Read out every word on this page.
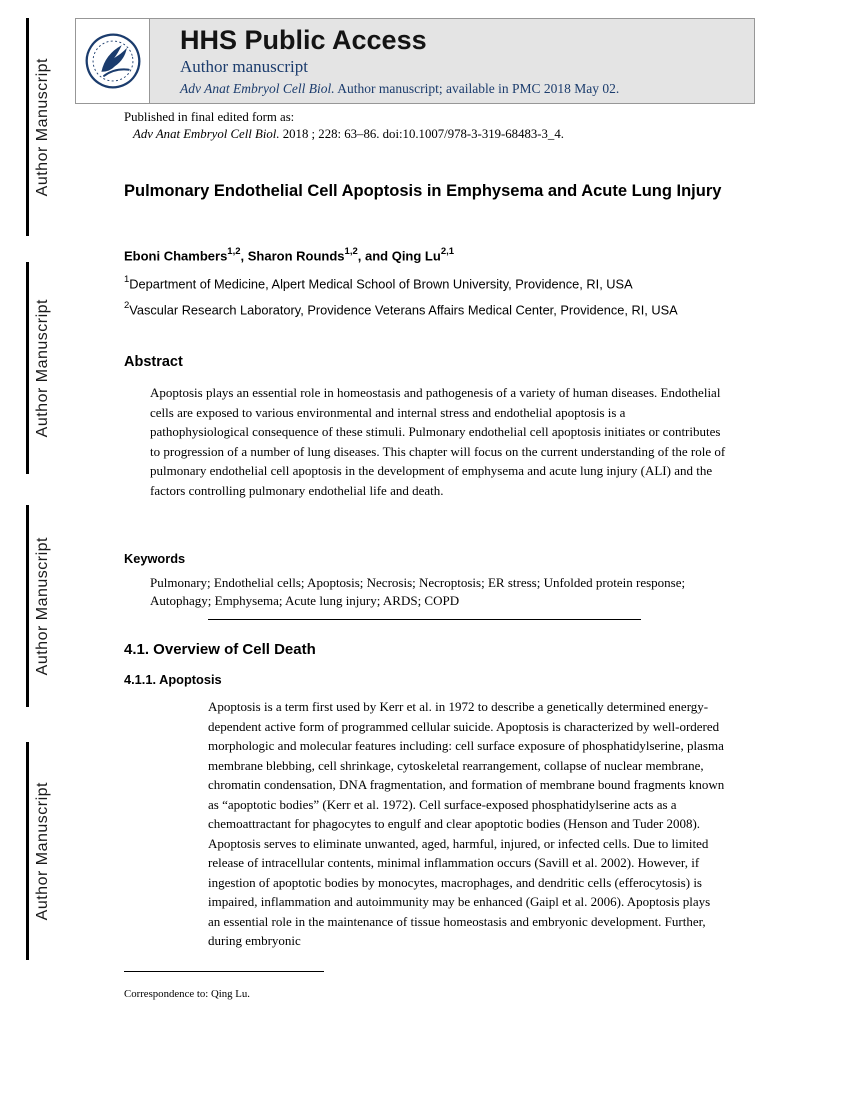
Author Manuscript
Author Manuscript
Author Manuscript
Author Manuscript
HHS Public Access
Author manuscript
Adv Anat Embryol Cell Biol. Author manuscript; available in PMC 2018 May 02.
Published in final edited form as:
Adv Anat Embryol Cell Biol. 2018 ; 228: 63–86. doi:10.1007/978-3-319-68483-3_4.
Pulmonary Endothelial Cell Apoptosis in Emphysema and Acute Lung Injury
Eboni Chambers$^{1,2}$, Sharon Rounds$^{1,2}$, and Qing Lu$^{2,1}$
$^1$Department of Medicine, Alpert Medical School of Brown University, Providence, RI, USA
$^2$Vascular Research Laboratory, Providence Veterans Affairs Medical Center, Providence, RI, USA
Abstract
Apoptosis plays an essential role in homeostasis and pathogenesis of a variety of human diseases. Endothelial cells are exposed to various environmental and internal stress and endothelial apoptosis is a pathophysiological consequence of these stimuli. Pulmonary endothelial cell apoptosis initiates or contributes to progression of a number of lung diseases. This chapter will focus on the current understanding of the role of pulmonary endothelial cell apoptosis in the development of emphysema and acute lung injury (ALI) and the factors controlling pulmonary endothelial life and death.
Keywords
Pulmonary; Endothelial cells; Apoptosis; Necrosis; Necroptosis; ER stress; Unfolded protein response; Autophagy; Emphysema; Acute lung injury; ARDS; COPD
4.1. Overview of Cell Death
4.1.1. Apoptosis
Apoptosis is a term first used by Kerr et al. in 1972 to describe a genetically determined energy-dependent active form of programmed cellular suicide. Apoptosis is characterized by well-ordered morphologic and molecular features including: cell surface exposure of phosphatidylserine, plasma membrane blebbing, cell shrinkage, cytoskeletal rearrangement, collapse of nuclear membrane, chromatin condensation, DNA fragmentation, and formation of membrane bound fragments known as “apoptotic bodies” (Kerr et al. 1972). Cell surface-exposed phosphatidylserine acts as a chemoattractant for phagocytes to engulf and clear apoptotic bodies (Henson and Tuder 2008). Apoptosis serves to eliminate unwanted, aged, harmful, injured, or infected cells. Due to limited release of intracellular contents, minimal inflammation occurs (Savill et al. 2002). However, if ingestion of apoptotic bodies by monocytes, macrophages, and dendritic cells (efferocytosis) is impaired, inflammation and autoimmunity may be enhanced (Gaipl et al. 2006). Apoptosis plays an essential role in the maintenance of tissue homeostasis and embryonic development. Further, during embryonic
Correspondence to: Qing Lu.
